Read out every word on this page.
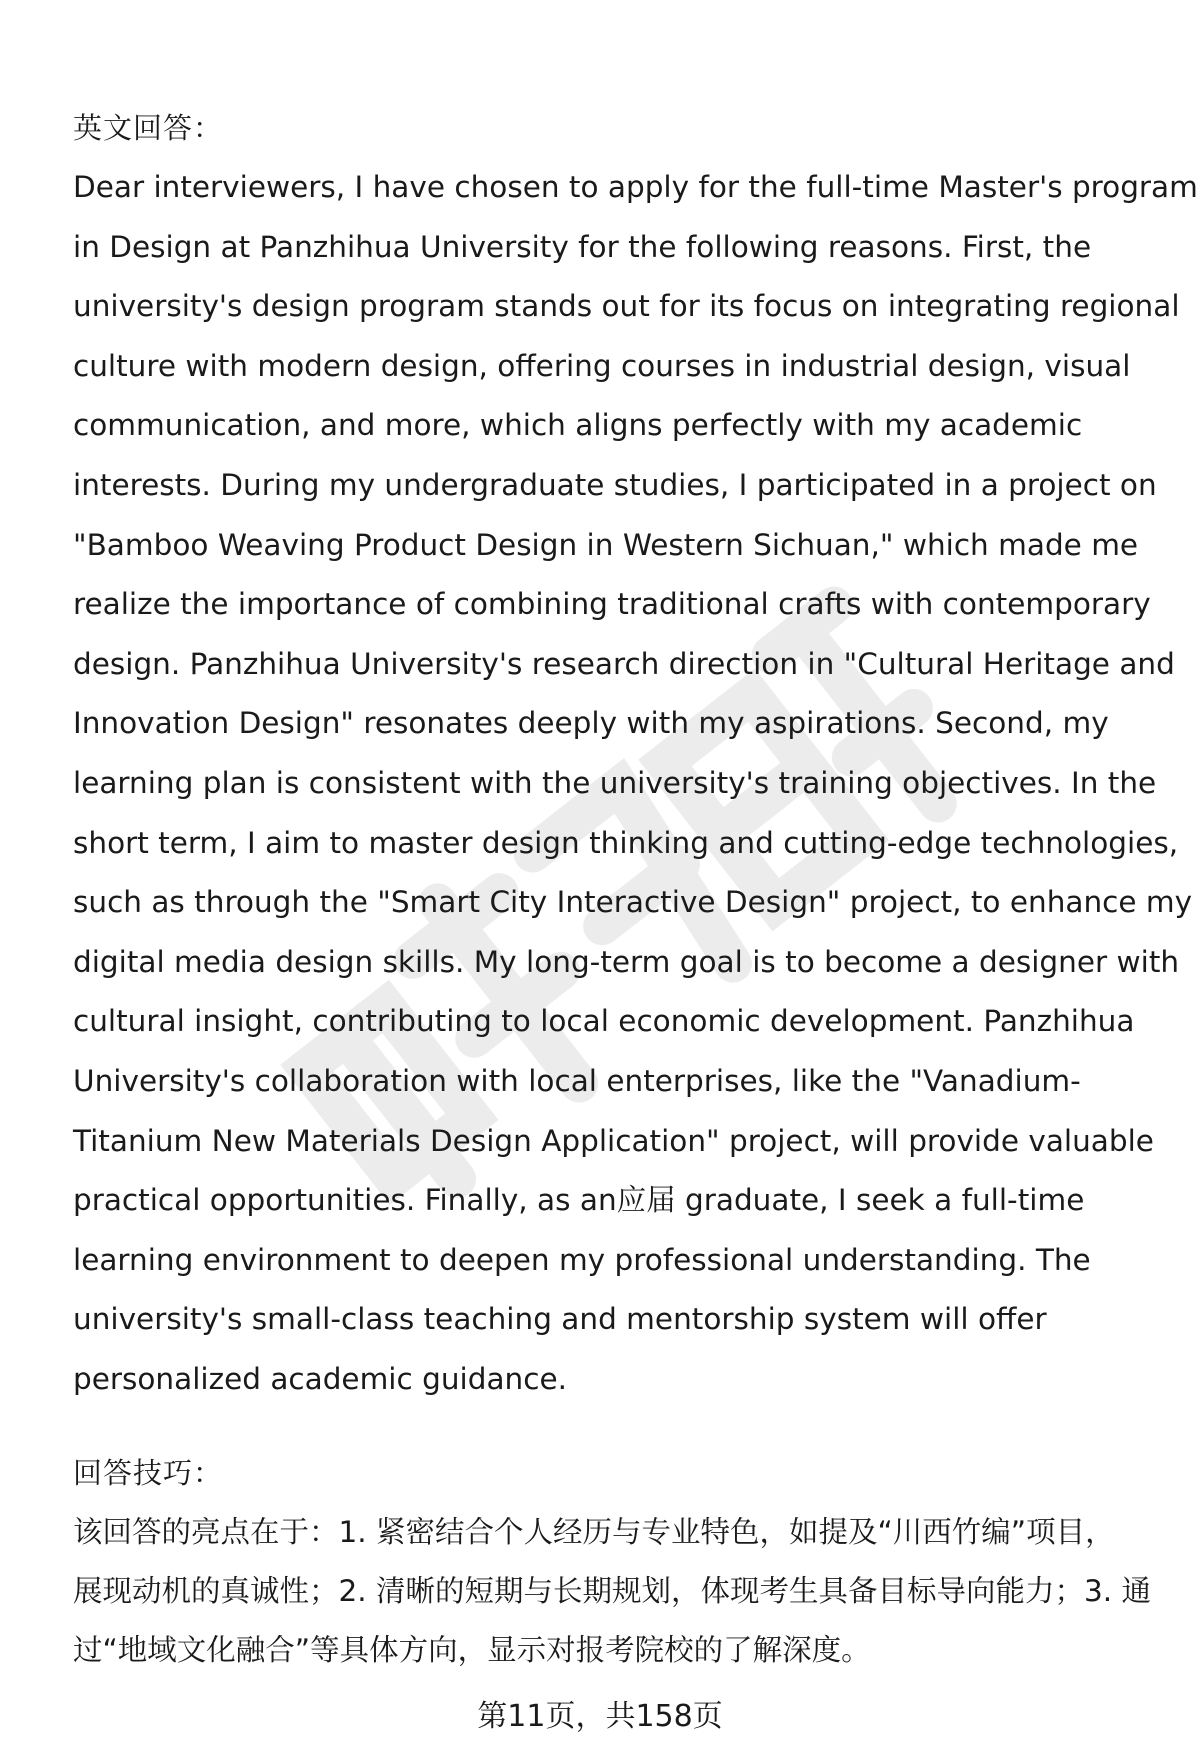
英文回答：
Dear interviewers, I have chosen to apply for the full-time Master's program
in Design at Panzhihua University for the following reasons. First, the
university's design program stands out for its focus on integrating regional
culture with modern design, offering courses in industrial design, visual
communication, and more, which aligns perfectly with my academic
interests. During my undergraduate studies, I participated in a project on
"Bamboo Weaving Product Design in Western Sichuan," which made me
realize the importance of combining traditional crafts with contemporary
design. Panzhihua University's research direction in "Cultural Heritage and
Innovation Design" resonates deeply with my aspirations. Second, my
learning plan is consistent with the university's training objectives. In the
short term, I aim to master design thinking and cutting-edge technologies,
such as through the "Smart City Interactive Design" project, to enhance my
digital media design skills. My long-term goal is to become a designer with
cultural insight, contributing to local economic development. Panzhihua
University's collaboration with local enterprises, like the "Vanadium-
Titanium New Materials Design Application" project, will provide valuable
practical opportunities. Finally, as an应届 graduate, I seek a full-time
learning environment to deepen my professional understanding. The
university's small-class teaching and mentorship system will offer
personalized academic guidance.
回答技巧：
该回答的亮点在于：1. 紧密结合个人经历与专业特色，如提及“川西竹编”项目，
展现动机的真诚性；2. 清晰的短期与长期规划，体现考生具备目标导向能力；3. 通
过“地域文化融合”等具体方向，显示对报考院校的了解深度。
第11页，共158页
